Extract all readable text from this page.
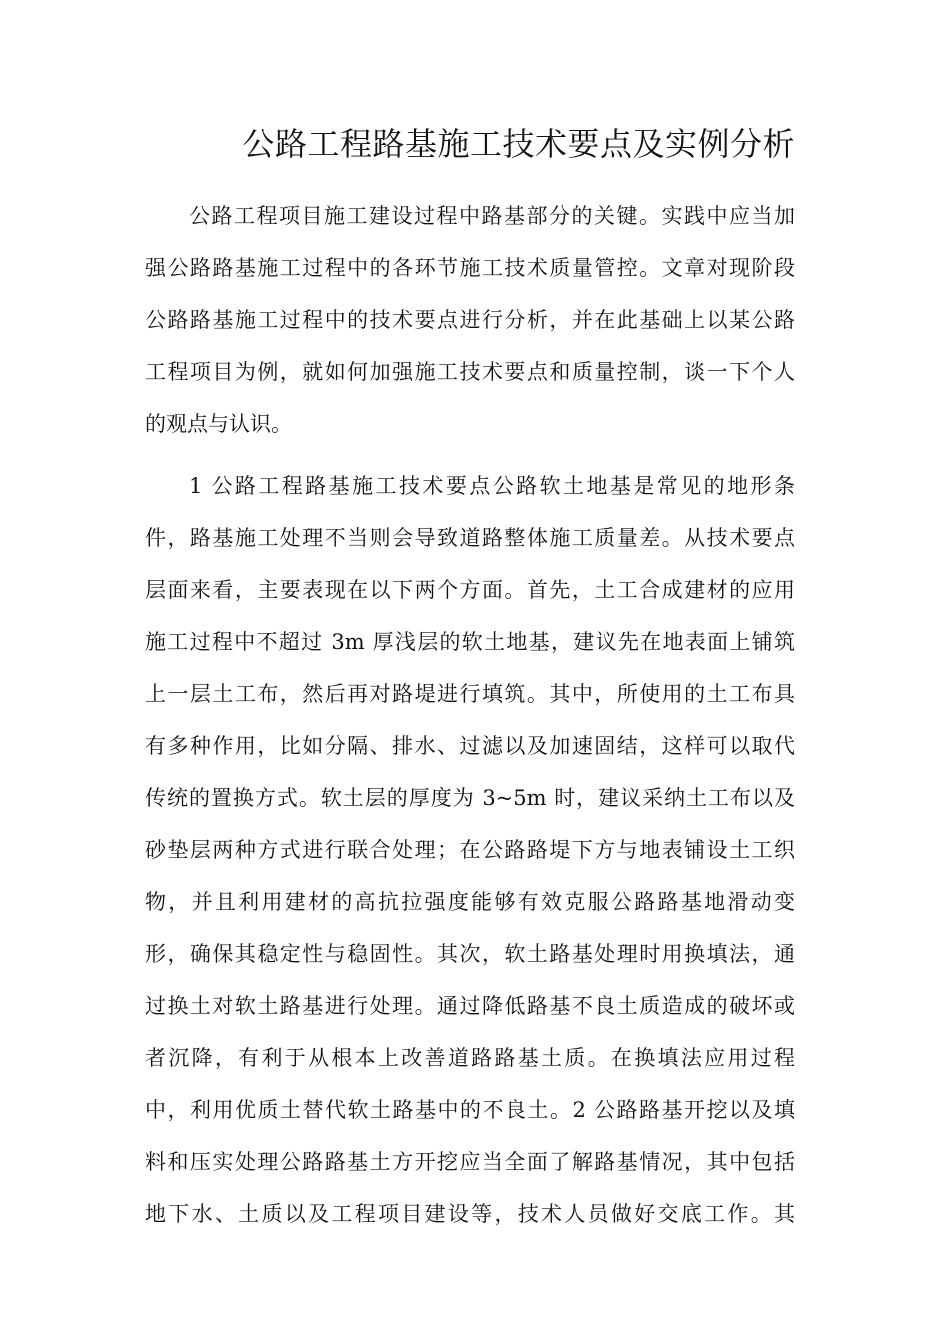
公路工程路基施工技术要点及实例分析

公路工程项目施工建设过程中路基部分的关键。实践中应当加
强公路路基施工过程中的各环节施工技术质量管控。文章对现阶段
公路路基施工过程中的技术要点进行分析，并在此基础上以某公路
工程项目为例，就如何加强施工技术要点和质量控制，谈一下个人
的观点与认识。

1 公路工程路基施工技术要点公路软土地基是常见的地形条
件，路基施工处理不当则会导致道路整体施工质量差。从技术要点
层面来看，主要表现在以下两个方面。首先，土工合成建材的应用
施工过程中不超过 3m 厚浅层的软土地基，建议先在地表面上铺筑
上一层土工布，然后再对路堤进行填筑。其中，所使用的土工布具
有多种作用，比如分隔、排水、过滤以及加速固结，这样可以取代
传统的置换方式。软土层的厚度为 3~5m 时，建议采纳土工布以及
砂垫层两种方式进行联合处理；在公路路堤下方与地表铺设土工织
物，并且利用建材的高抗拉强度能够有效克服公路路基地滑动变
形，确保其稳定性与稳固性。其次，软土路基处理时用换填法，通
过换土对软土路基进行处理。通过降低路基不良土质造成的破坏或
者沉降，有利于从根本上改善道路路基土质。在换填法应用过程
中，利用优质土替代软土路基中的不良土。2 公路路基开挖以及填
料和压实处理公路路基土方开挖应当全面了解路基情况，其中包括
地下水、土质以及工程项目建设等，技术人员做好交底工作。其
